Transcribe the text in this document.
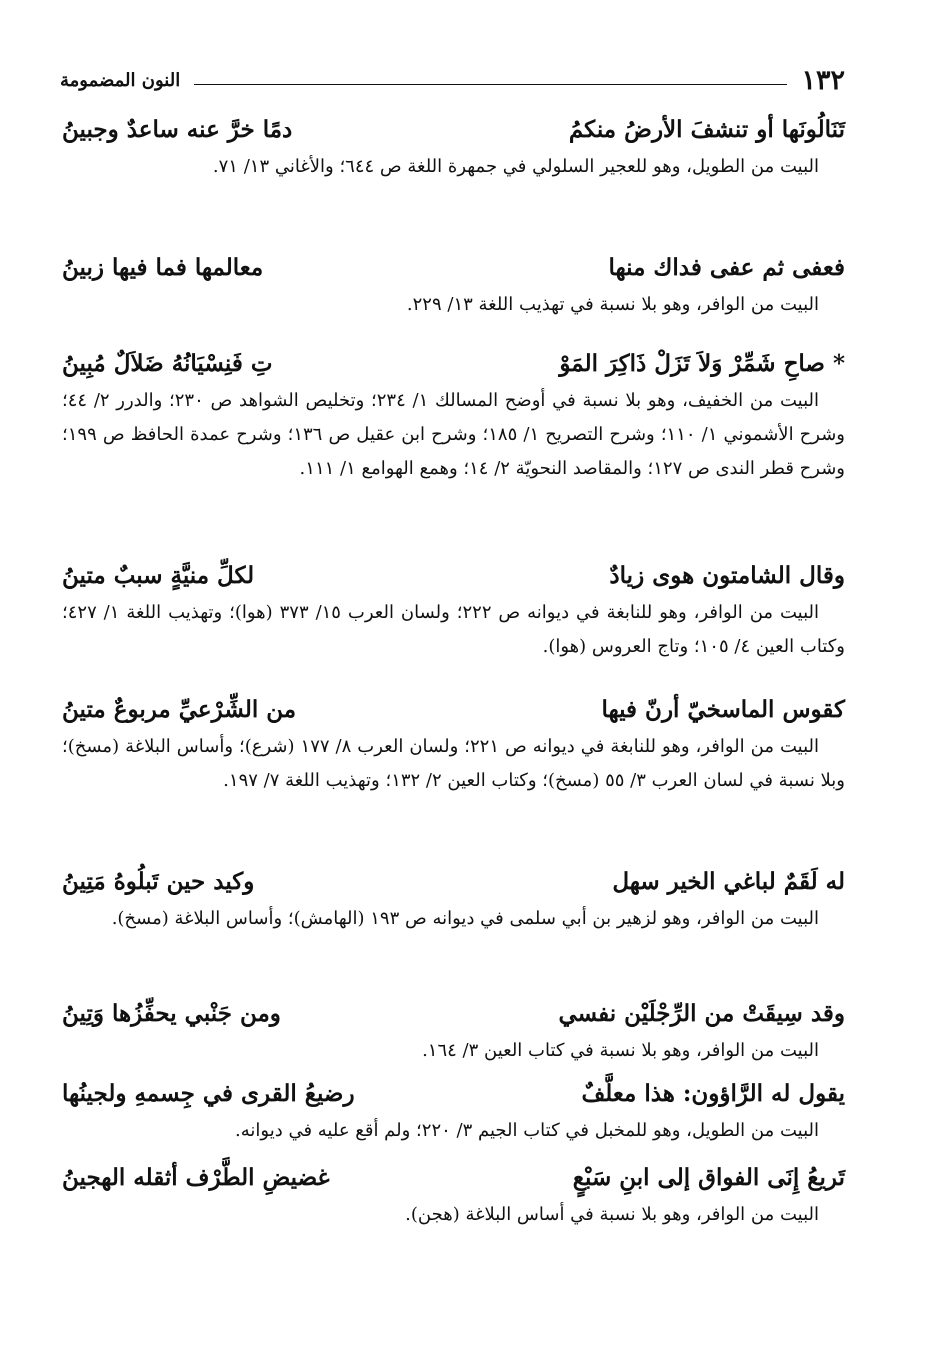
١٣٢
النون المضمومة
تَنَالُونَها أو تنشفَ الأرضُ منكمُ
دمًا خرَّ عنه ساعدٌ وجبينُ
البيت من الطويل، وهو للعجير السلولي في جمهرة اللغة ص ٦٤٤؛ والأغاني ١٣/ ٧١.
فعفى ثم عفى فداك منها
معالمها فما فيها زبينُ
البيت من الوافر، وهو بلا نسبة في تهذيب اللغة ١٣/ ٢٢٩.
* صاحِ شَمِّرْ وَلاَ تَزَلْ ذَاكِرَ المَوْ
تِ فَنِسْيَانُهُ ضَلاَلٌ مُبِينُ
البيت من الخفيف، وهو بلا نسبة في أوضح المسالك ١/ ٢٣٤؛ وتخليص الشواهد ص ٢٣٠؛ والدرر ٢/ ٤٤؛ وشرح الأشموني ١/ ١١٠؛ وشرح التصريح ١/ ١٨٥؛ وشرح ابن عقيل ص ١٣٦؛ وشرح عمدة الحافظ ص ١٩٩؛ وشرح قطر الندى ص ١٢٧؛ والمقاصد النحويّة ٢/ ١٤؛ وهمع الهوامع ١/ ١١١.
وقال الشامتون هوى زيادٌ
لكلِّ منيَّةٍ سببٌ متينُ
البيت من الوافر، وهو للنابغة في ديوانه ص ٢٢٢؛ ولسان العرب ١٥/ ٣٧٣ (هوا)؛ وتهذيب اللغة ١/ ٤٢٧؛ وكتاب العين ٤/ ١٠٥؛ وتاج العروس (هوا).
كقوس الماسخيّ أرنّ فيها
من الشِّرْعيِّ مربوعٌ متينُ
البيت من الوافر، وهو للنابغة في ديوانه ص ٢٢١؛ ولسان العرب ٨/ ١٧٧ (شرع)؛ وأساس البلاغة (مسخ)؛ وبلا نسبة في لسان العرب ٣/ ٥٥ (مسخ)؛ وكتاب العين ٢/ ١٣٢؛ وتهذيب اللغة ٧/ ١٩٧.
له لَقَمٌ لباغي الخير سهل
وكيد حين تَبلُوهُ مَتِينُ
البيت من الوافر، وهو لزهير بن أبي سلمى في ديوانه ص ١٩٣ (الهامش)؛ وأساس البلاغة (مسخ).
وقد سِيقَتْ من الرِّجْلَيْن نفسي
ومن جَنْبي يحفِّزُها وَتِينُ
البيت من الوافر، وهو بلا نسبة في كتاب العين ٣/ ١٦٤.
يقول له الرَّاؤون: هذا معلَّفٌ
رضيعُ القرى في جِسمهِ ولجينُها
البيت من الطويل، وهو للمخبل في كتاب الجيم ٣/ ٢٢٠؛ ولم أقع عليه في ديوانه.
تَريعُ إِنَى الفواق إلى ابنِ سَبْعٍ
غضيضِ الطَّرْف أثقله الهجينُ
البيت من الوافر، وهو بلا نسبة في أساس البلاغة (هجن).
